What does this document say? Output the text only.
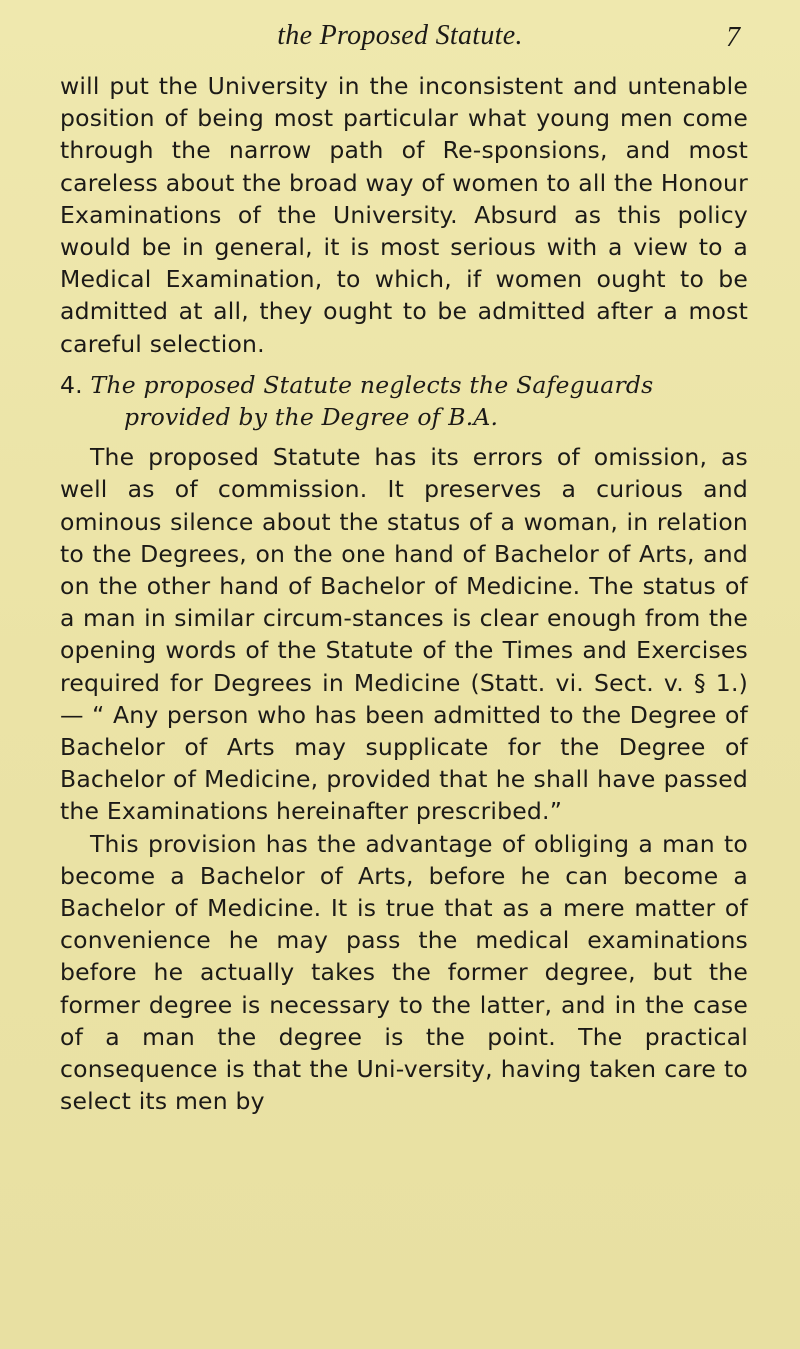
the Proposed Statute.	7

will put the University in the inconsistent and untenable position of being most particular what young men come through the narrow path of Re-sponsions, and most careless about the broad way of women to all the Honour Examinations of the University. Absurd as this policy would be in general, it is most serious with a view to a Medical Examination, to which, if women ought to be admitted at all, they ought to be admitted after a most careful selection.

4. The proposed Statute neglects the Safeguards
provided by the Degree of B.A.

The proposed Statute has its errors of omission, as well as of commission. It preserves a curious and ominous silence about the status of a woman, in relation to the Degrees, on the one hand of Bachelor of Arts, and on the other hand of Bachelor of Medicine. The status of a man in similar circum-stances is clear enough from the opening words of the Statute of the Times and Exercises required for Degrees in Medicine (Statt. vi. Sect. v. § 1.)— “ Any person who has been admitted to the Degree of Bachelor of Arts may supplicate for the Degree of Bachelor of Medicine, provided that he shall have passed the Examinations hereinafter prescribed.”

This provision has the advantage of obliging a man to become a Bachelor of Arts, before he can become a Bachelor of Medicine. It is true that as a mere matter of convenience he may pass the medical examinations before he actually takes the former degree, but the former degree is necessary to the latter, and in the case of a man the degree is the point. The practical consequence is that the Uni-versity, having taken care to select its men by
